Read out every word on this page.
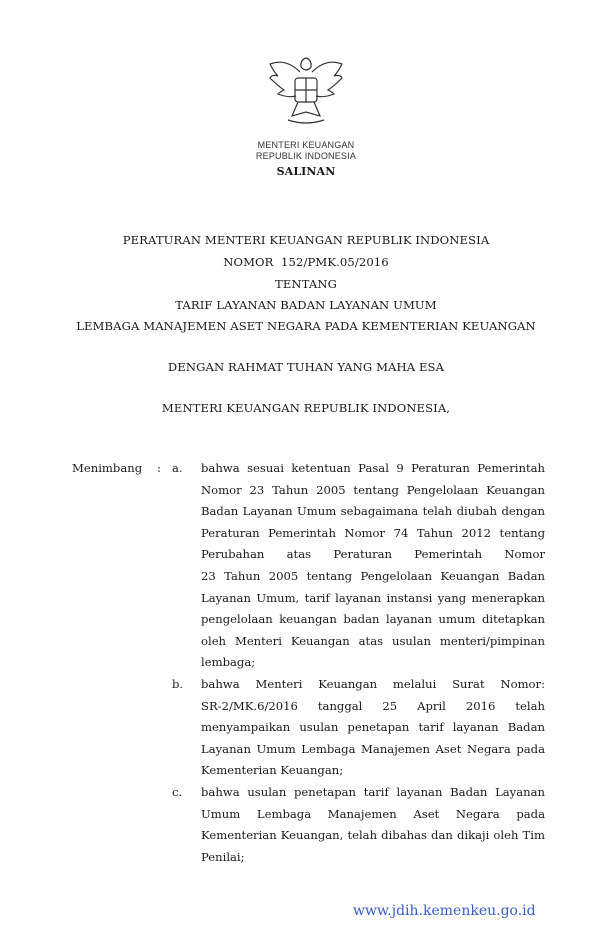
MENTERI KEUANGAN
REPUBLIK INDONESIA
SALINAN
PERATURAN MENTERI KEUANGAN REPUBLIK INDONESIA
NOMOR  152/PMK.05/2016
TENTANG
TARIF LAYANAN BADAN LAYANAN UMUM
LEMBAGA MANAJEMEN ASET NEGARA PADA KEMENTERIAN KEUANGAN
DENGAN RAHMAT TUHAN YANG MAHA ESA
MENTERI KEUANGAN REPUBLIK INDONESIA,
Menimbang : a. bahwa sesuai ketentuan Pasal 9 Peraturan Pemerintah
Nomor 23 Tahun 2005 tentang Pengelolaan Keuangan
Badan Layanan Umum sebagaimana telah diubah dengan
Peraturan Pemerintah Nomor 74 Tahun 2012 tentang
Perubahan atas Peraturan Pemerintah Nomor
23 Tahun 2005 tentang Pengelolaan Keuangan Badan
Layanan Umum, tarif layanan instansi yang menerapkan
pengelolaan keuangan badan layanan umum ditetapkan
oleh Menteri Keuangan atas usulan menteri/pimpinan
lembaga;
b. bahwa Menteri Keuangan melalui Surat Nomor:
SR-2/MK.6/2016 tanggal 25 April 2016 telah
menyampaikan usulan penetapan tarif layanan Badan
Layanan Umum Lembaga Manajemen Aset Negara pada
Kementerian Keuangan;
c. bahwa usulan penetapan tarif layanan Badan Layanan
Umum Lembaga Manajemen Aset Negara pada
Kementerian Keuangan, telah dibahas dan dikaji oleh Tim
Penilai;
www.jdih.kemenkeu.go.id
